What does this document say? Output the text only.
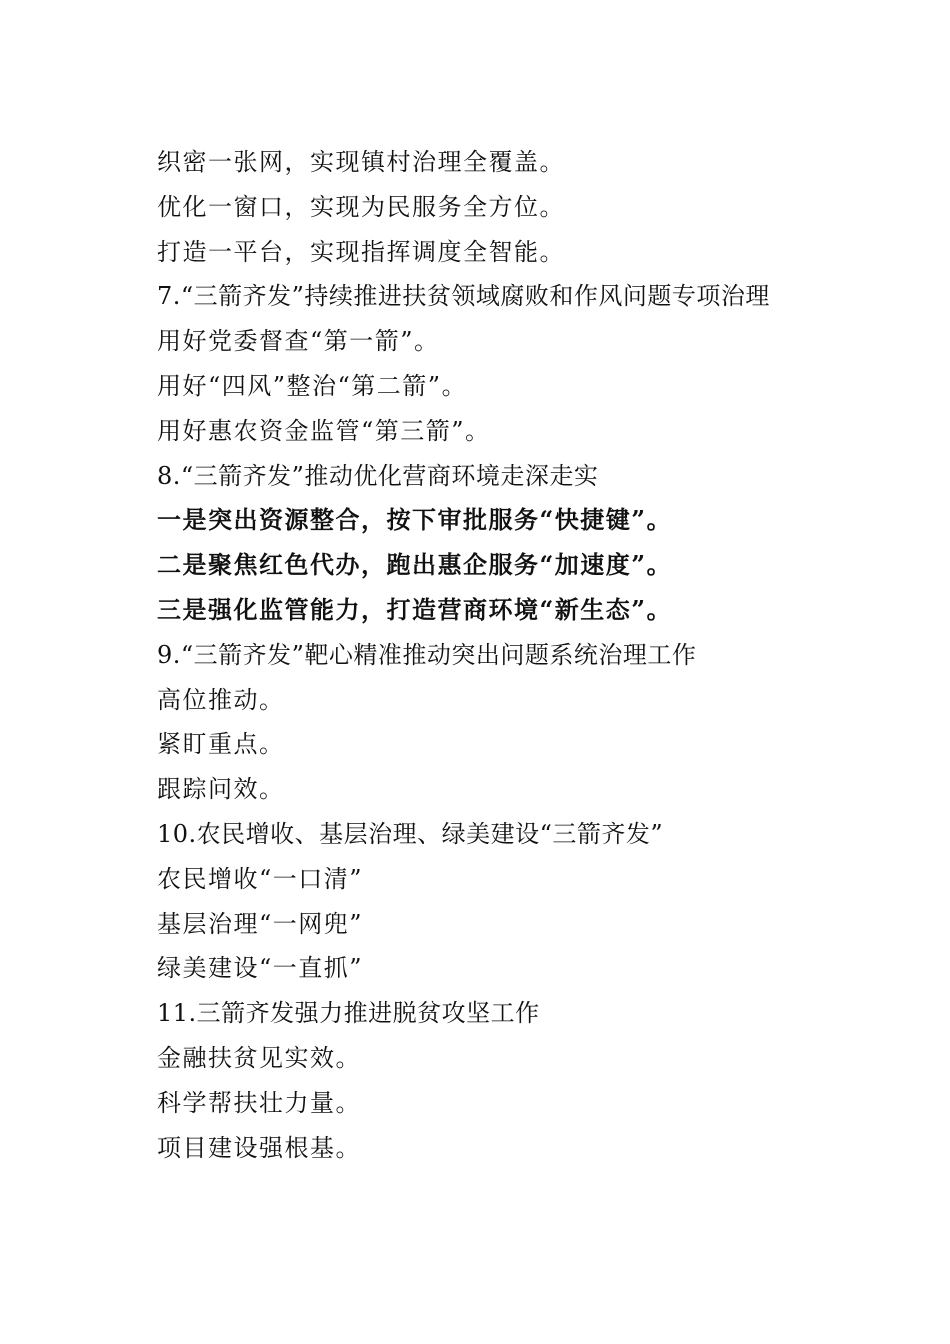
织密一张网，实现镇村治理全覆盖。
优化一窗口，实现为民服务全方位。
打造一平台，实现指挥调度全智能。
7.“三箭齐发”持续推进扶贫领域腐败和作风问题专项治理
用好党委督查“第一箭”。
用好“四风”整治“第二箭”。
用好惠农资金监管“第三箭”。
8.“三箭齐发”推动优化营商环境走深走实
一是突出资源整合，按下审批服务“快捷键”。
二是聚焦红色代办，跑出惠企服务“加速度”。
三是强化监管能力，打造营商环境“新生态”。
9.“三箭齐发”靶心精准推动突出问题系统治理工作
高位推动。
紧盯重点。
跟踪问效。
10.农民增收、基层治理、绿美建设“三箭齐发”
农民增收“一口清”
基层治理“一网兜”
绿美建设“一直抓”
11.三箭齐发强力推进脱贫攻坚工作
金融扶贫见实效。
科学帮扶壮力量。
项目建设强根基。
